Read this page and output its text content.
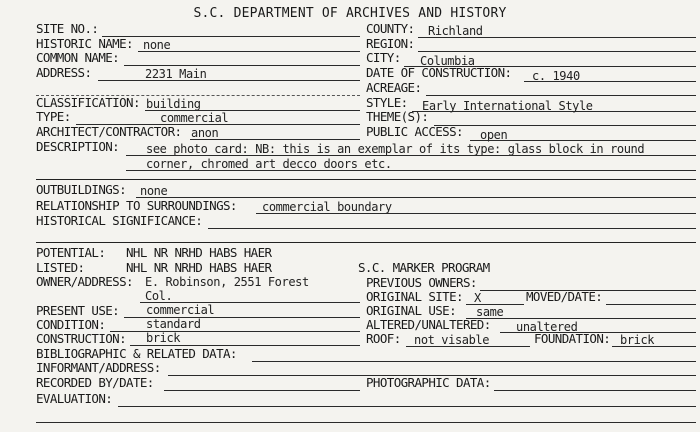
S.C. DEPARTMENT OF ARCHIVES AND HISTORY
SITE NO.:	COUNTY: Richland
HISTORIC NAME: none	REGION:
COMMON NAME:	CITY: Columbia
ADDRESS:	2231 Main	DATE OF CONSTRUCTION: c. 1940
ACREAGE:
CLASSIFICATION: building	STYLE: Early International Style
TYPE:	commercial	THEME(S):
ARCHITECT/CONTRACTOR: anon	PUBLIC ACCESS: open
DESCRIPTION: see photo card: NB: this is an exemplar of its type: glass block in round
corner, chromed art decco doors etc.
OUTBUILDINGS: none
RELATIONSHIP TO SURROUNDINGS: commercial boundary
HISTORICAL SIGNIFICANCE:
POTENTIAL: NHL NR NRHD HABS HAER
LISTED:	NHL NR NRHD HABS HAER	S.C. MARKER PROGRAM
OWNER/ADDRESS: E. Robinson, 2551 Forest
Col.
PREVIOUS OWNERS:
ORIGINAL SITE: X	MOVED/DATE:
PRESENT USE: commercial	ORIGINAL USE: same
CONDITION:	standard	ALTERED/UNALTERED: unaltered
CONSTRUCTION: brick	ROOF: not visable	FOUNDATION: brick
BIBLIOGRAPHIC & RELATED DATA:
INFORMANT/ADDRESS:
RECORDED BY/DATE:	PHOTOGRAPHIC DATA:
EVALUATION:
